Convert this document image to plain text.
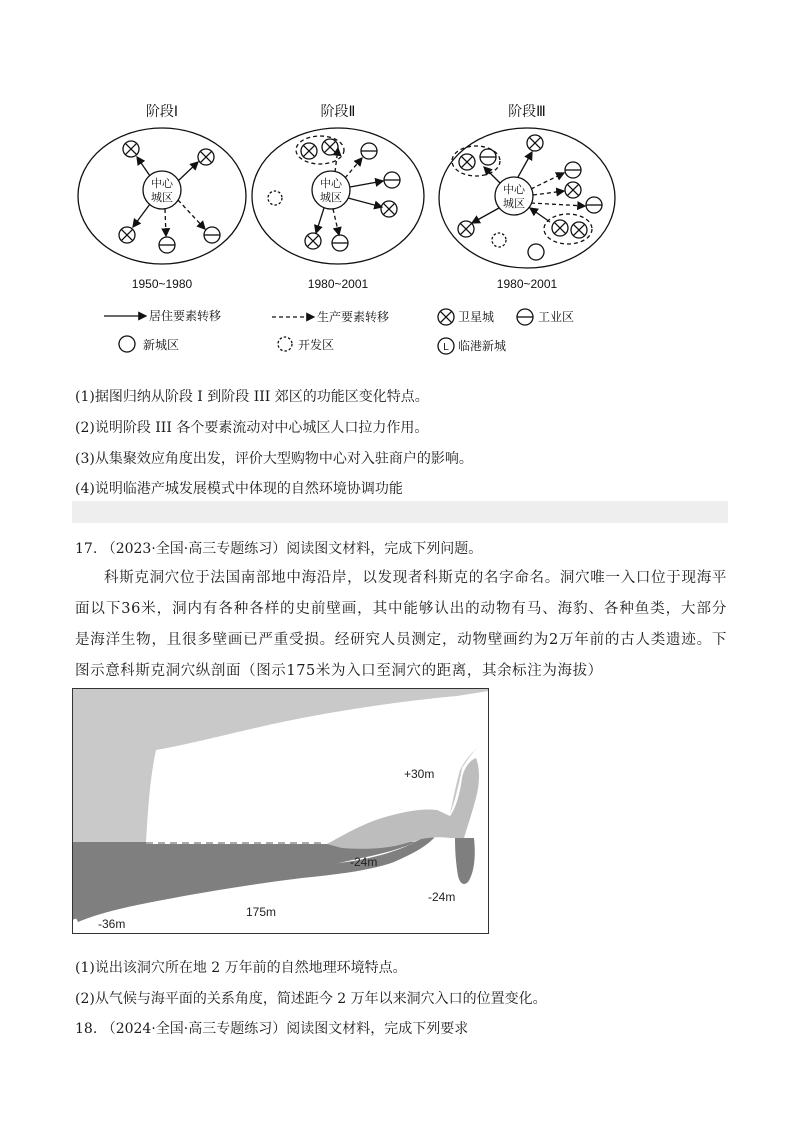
阶段Ⅰ	阶段Ⅱ	阶段Ⅲ
中心
城区
中心
城区
中心
城区
1950~1980	1980~2001	1980~2001
居住要素转移	生产要素转移	卫星城	工业区
新城区	开发区	L 临港新城
(1)据图归纳从阶段 I 到阶段 III 郊区的功能区变化特点。
(2)说明阶段 III 各个要素流动对中心城区人口拉力作用。
(3)从集聚效应角度出发，评价大型购物中心对入驻商户的影响。
(4)说明临港产城发展模式中体现的自然环境协调功能
17. （2023·全国·高三专题练习）阅读图文材料，完成下列问题。
科斯克洞穴位于法国南部地中海沿岸，以发现者科斯克的名字命名。洞穴唯一入口位于现海平面以下36米，洞内有各种各样的史前壁画，其中能够认出的动物有马、海豹、各种鱼类，大部分是海洋生物，且很多壁画已严重受损。经研究人员测定，动物壁画约为2万年前的古人类遗迹。下图示意科斯克洞穴纵剖面（图示175米为入口至洞穴的距离，其余标注为海拔）
+30m
-24m
-24m
-36m
175m
(1)说出该洞穴所在地 2 万年前的自然地理环境特点。
(2)从气候与海平面的关系角度，简述距今 2 万年以来洞穴入口的位置变化。
18. （2024·全国·高三专题练习）阅读图文材料，完成下列要求
